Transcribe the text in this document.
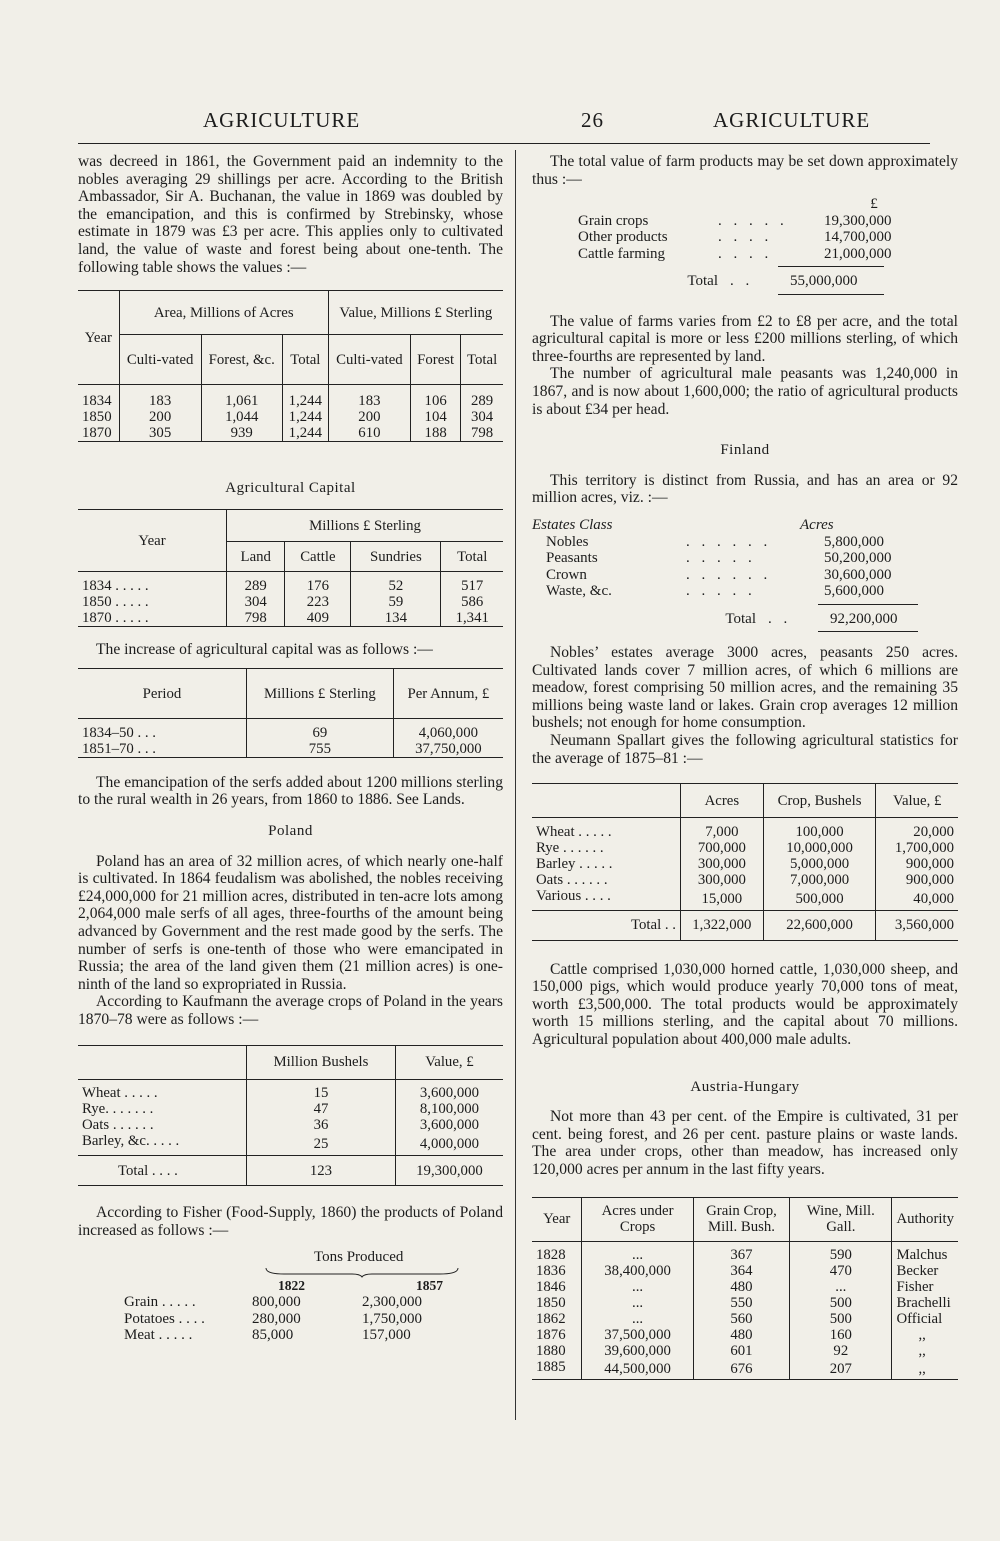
AGRICULTURE	26	AGRICULTURE

was decreed in 1861, the Government paid an indemnity to the nobles averaging 29 shillings per acre. According to the British Ambassador, Sir A. Buchanan, the value in 1869 was doubled by the emancipation, and this is confirmed by Strebinsky, whose estimate in 1879 was £3 per acre. This applies only to cultivated land, the value of waste and forest being about one-tenth. The following table shows the values :—

Year	Area, Millions of Acres			Value, Millions £ Sterling		
	Culti-vated	Forest, &c.	Total	Culti-vated	Forest	Total

1834	183	1,061	1,244	183	106	289
1850	200	1,044	1,244	200	104	304
1870	305	939	1,244	610	188	798
Agricultural Capital
Year	Millions £ Sterling			
	Land	Cattle	Sundries	Total

1834 . . . . .	289	176	52	517
1850 . . . . .	304	223	59	586
1870 . . . . .	798	409	134	1,341

The increase of agricultural capital was as follows :—

Period	Millions £ Sterling	Per Annum, £

1834–50 . . .	69	4,060,000
1851–70 . . .	755	37,750,000

The emancipation of the serfs added about 1200 millions sterling to the rural wealth in 26 years, from 1860 to 1886. See Lands.

Poland

Poland has an area of 32 million acres, of which nearly one-half is cultivated. In 1864 feudalism was abolished, the nobles receiving £24,000,000 for 21 million acres, distributed in ten-acre lots among 2,064,000 male serfs of all ages, three-fourths of the amount being advanced by Government and the rest made good by the serfs. The number of serfs is one-tenth of those who were emancipated in Russia; the area of the land given them (21 million acres) is one-ninth of the land so expropriated in Russia.

According to Kaufmann the average crops of Poland in the years 1870–78 were as follows :—

	Million Bushels	Value, £

Wheat . . . . .	15	3,600,000
Rye. . . . . . .	47	8,100,000
Oats . . . . . .	36	3,600,000
Barley, &c. . . . .	25	4,000,000
Total . . . .	123	19,300,000

According to Fisher (Food-Supply, 1860) the products of Poland increased as follows :—

Tons Produced
1822	1857
Grain . . . . .	800,000	2,300,000
Potatoes . . . .	280,000	1,750,000
Meat . . . . .	85,000	157,000

The total value of farm products may be set down approximately thus :—

£
Grain crops	. . . . .	19,300,000
Other products	. . . .	14,700,000
Cattle farming	. . . .	21,000,000
Total . .	55,000,000

The value of farms varies from £2 to £8 per acre, and the total agricultural capital is more or less £200 millions sterling, of which three-fourths are represented by land.

The number of agricultural male peasants was 1,240,000 in 1867, and is now about 1,600,000; the ratio of agricultural products is about £34 per head.

Finland

This territory is distinct from Russia, and has an area or 92 million acres, viz. :—

Estates Class	Acres
Nobles	. . . . . .	5,800,000
Peasants	. . . . .	50,200,000
Crown	. . . . . .	30,600,000
Waste, &c.	. . . . .	5,600,000
Total . .	92,200,000

Nobles’ estates average 3000 acres, peasants 250 acres. Cultivated lands cover 7 million acres, of which 6 millions are meadow, forest comprising 50 million acres, and the remaining 35 millions being waste land or lakes. Grain crop averages 12 million bushels; not enough for home consumption.

Neumann Spallart gives the following agricultural statistics for the average of 1875–81 :—

	Acres	Crop, Bushels	Value, £

Wheat . . . . .	7,000	100,000	20,000
Rye . . . . . .	700,000	10,000,000	1,700,000
Barley . . . . .	300,000	5,000,000	900,000
Oats . . . . . .	300,000	7,000,000	900,000
Various . . . .	15,000	500,000	40,000
Total . .	1,322,000	22,600,000	3,560,000

Cattle comprised 1,030,000 horned cattle, 1,030,000 sheep, and 150,000 pigs, which would produce yearly 70,000 tons of meat, worth £3,500,000. The total products would be approximately worth 15 millions sterling, and the capital about 70 millions. Agricultural population about 400,000 male adults.

Austria-Hungary

Not more than 43 per cent. of the Empire is cultivated, 31 per cent. being forest, and 26 per cent. pasture plains or waste lands. The area under crops, other than meadow, has increased only 120,000 acres per annum in the last fifty years.

Year	Acres under Crops	Grain Crop, Mill. Bush.	Wine, Mill. Gall.	Authority

1828	...	367	590	Malchus
1836	38,400,000	364	470	Becker
1846	...	480	...	Fisher
1850	...	550	500	Brachelli
1862	...	560	500	Official
1876	37,500,000	480	160	,,
1880	39,600,000	601	92	,,
1885	44,500,000	676	207	,,
